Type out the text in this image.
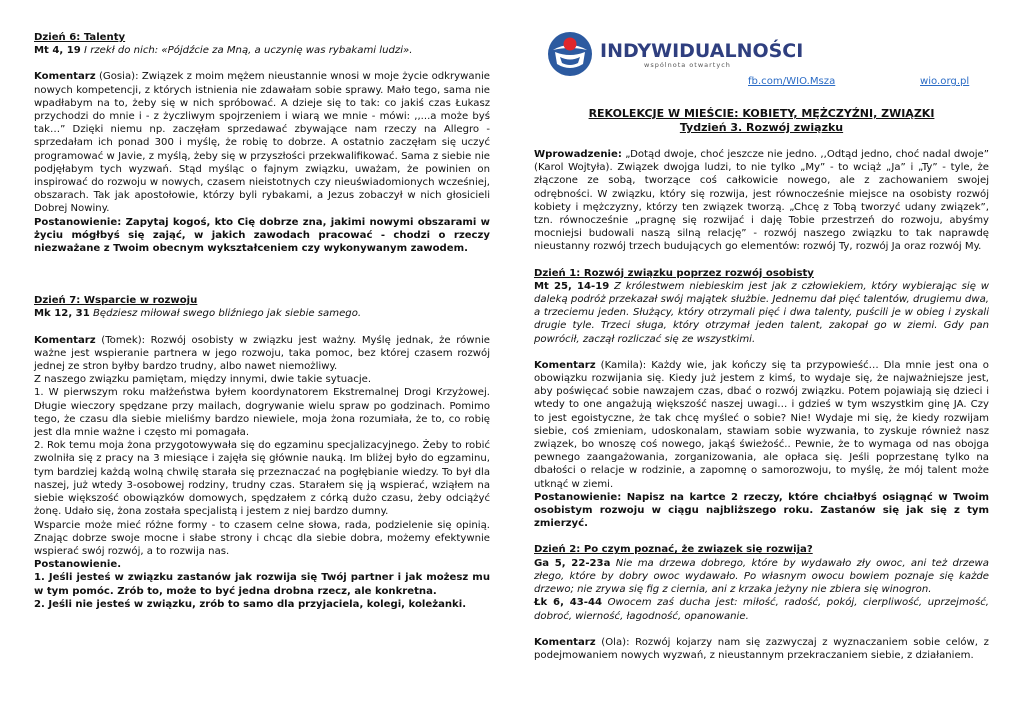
Dzień 6: Talenty
Mt 4, 19 I rzekł do nich: «Pójdźcie za Mną, a uczynię was rybakami ludzi».
Komentarz (Gosia): Związek z moim mężem nieustannie wnosi w moje życie odkrywanie nowych kompetencji, z których istnienia nie zdawałam sobie sprawy. Mało tego, sama nie wpadłabym na to, żeby się w nich spróbować. A dzieje się to tak: co jakiś czas Łukasz przychodzi do mnie i - z życzliwym spojrzeniem i wiarą we mnie - mówi: ,,...a może byś tak…” Dzięki niemu np. zaczęłam sprzedawać zbywające nam rzeczy na Allegro - sprzedałam ich ponad 300 i myślę, że robię to dobrze. A ostatnio zaczęłam się uczyć programować w Javie, z myślą, żeby się w przyszłości przekwalifikować. Sama z siebie nie podjęłabym tych wyzwań. Stąd myśląc o fajnym związku, uważam, że powinien on inspirować do rozwoju w nowych, czasem nieistotnych czy nieuświadomionych wcześniej, obszarach. Tak jak apostołowie, którzy byli rybakami, a Jezus zobaczył w nich głosicieli Dobrej Nowiny.
Postanowienie: Zapytaj kogoś, kto Cię dobrze zna, jakimi nowymi obszarami w życiu mógłbyś się zająć, w jakich zawodach pracować - chodzi o rzeczy niezważane z Twoim obecnym wykształceniem czy wykonywanym zawodem.
Dzień 7: Wsparcie w rozwoju
Mk 12, 31 Będziesz miłował swego bliźniego jak siebie samego.
Komentarz (Tomek): Rozwój osobisty w związku jest ważny. Myślę jednak, że równie ważne jest wspieranie partnera w jego rozwoju, taka pomoc, bez której czasem rozwój jednej ze stron byłby bardzo trudny, albo nawet niemożliwy.
Z naszego związku pamiętam, między innymi, dwie takie sytuacje.
1. W pierwszym roku małżeństwa byłem koordynatorem Ekstremalnej Drogi Krzyżowej. Długie wieczory spędzane przy mailach, dogrywanie wielu spraw po godzinach. Pomimo tego, że czasu dla siebie mieliśmy bardzo niewiele, moja żona rozumiała, że to, co robię jest dla mnie ważne i często mi pomagała.
2. Rok temu moja żona przygotowywała się do egzaminu specjalizacyjnego. Żeby to robić zwolniła się z pracy na 3 miesiące i zajęła się głównie nauką. Im bliżej było do egzaminu, tym bardziej każdą wolną chwilę starała się przeznaczać na pogłębianie wiedzy. To był dla naszej, już wtedy 3-osobowej rodziny, trudny czas. Starałem się ją wspierać, wziąłem na siebie większość obowiązków domowych, spędzałem z córką dużo czasu, żeby odciążyć żonę. Udało się, żona została specjalistą i jestem z niej bardzo dumny.
Wsparcie może mieć różne formy - to czasem celne słowa, rada, podzielenie się opinią. Znając dobrze swoje mocne i słabe strony i chcąc dla siebie dobra, możemy efektywnie wspierać swój rozwój, a to rozwija nas.
Postanowienie.
1. Jeśli jesteś w związku zastanów jak rozwija się Twój partner i jak możesz mu w tym pomóc. Zrób to, może to być jedna drobna rzecz, ale konkretna.
2. Jeśli nie jesteś w związku, zrób to samo dla przyjaciela, kolegi, koleżanki.
INDYWIDUALNOŚCI
wspólnota otwartych
fb.com/WIO.Msza	wio.org.pl
REKOLEKCJE W MIEŚCIE: KOBIETY, MĘŻCZYŹNI, ZWIĄZKI
Tydzień 3. Rozwój związku
Wprowadzenie: „Dotąd dwoje, choć jeszcze nie jedno. ,,Odtąd jedno, choć nadal dwoje” (Karol Wojtyła). Związek dwojga ludzi, to nie tylko „My” - to wciąż „Ja” i „Ty” - tyle, że złączone ze sobą, tworzące coś całkowicie nowego, ale z zachowaniem swojej odrębności. W związku, który się rozwija, jest równocześnie miejsce na osobisty rozwój kobiety i mężczyzny, którzy ten związek tworzą. „Chcę z Tobą tworzyć udany związek”, tzn. równocześnie „pragnę się rozwijać i daję Tobie przestrzeń do rozwoju, abyśmy mocniejsi budowali naszą silną relację” - rozwój naszego związku to tak naprawdę nieustanny rozwój trzech budujących go elementów: rozwój Ty, rozwój Ja oraz rozwój My.
Dzień 1: Rozwój związku poprzez rozwój osobisty
Mt 25, 14-19 Z królestwem niebieskim jest jak z człowiekiem, który wybierając się w daleką podróż przekazał swój majątek służbie. Jednemu dał pięć talentów, drugiemu dwa, a trzeciemu jeden. Służący, który otrzymali pięć i dwa talenty, puścili je w obieg i zyskali drugie tyle. Trzeci sługa, który otrzymał jeden talent, zakopał go w ziemi. Gdy pan powrócił, zaczął rozliczać się ze wszystkimi.
Komentarz (Kamila): Każdy wie, jak kończy się ta przypowieść… Dla mnie jest ona o obowiązku rozwijania się. Kiedy już jestem z kimś, to wydaje się, że najważniejsze jest, aby poświęcać sobie nawzajem czas, dbać o rozwój związku. Potem pojawiają się dzieci i wtedy to one angażują większość naszej uwagi… i gdzieś w tym wszystkim ginę JA. Czy to jest egoistyczne, że tak chcę myśleć o sobie? Nie! Wydaje mi się, że kiedy rozwijam siebie, coś zmieniam, udoskonalam, stawiam sobie wyzwania, to zyskuje również nasz związek, bo wnoszę coś nowego, jakąś świeżość.. Pewnie, że to wymaga od nas obojga pewnego zaangażowania, zorganizowania, ale opłaca się. Jeśli poprzestanę tylko na dbałości o relacje w rodzinie, a zapomnę o samorozwoju, to myślę, że mój talent może utknąć w ziemi.
Postanowienie: Napisz na kartce 2 rzeczy, które chciałbyś osiągnąć w Twoim osobistym rozwoju w ciągu najbliższego roku. Zastanów się jak się z tym zmierzyć.
Dzień 2: Po czym poznać, że związek się rozwija?
Ga 5, 22-23a Nie ma drzewa dobrego, które by wydawało zły owoc, ani też drzewa złego, które by dobry owoc wydawało. Po własnym owocu bowiem poznaje się każde drzewo; nie zrywa się fig z ciernia, ani z krzaka jeżyny nie zbiera się winogron.
Łk 6, 43-44 Owocem zaś ducha jest: miłość, radość, pokój, cierpliwość, uprzejmość, dobroć, wierność, łagodność, opanowanie.
Komentarz (Ola): Rozwój kojarzy nam się zazwyczaj z wyznaczaniem sobie celów, z podejmowaniem nowych wyzwań, z nieustannym przekraczaniem siebie, z działaniem.
